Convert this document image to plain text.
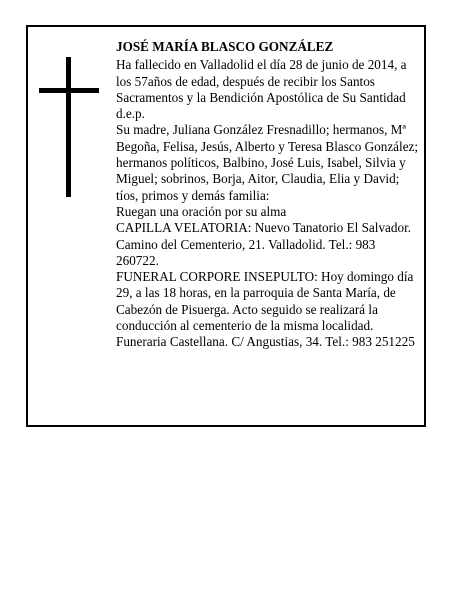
JOSÉ MARÍA BLASCO GONZÁLEZ

Ha fallecido en Valladolid el día 28 de junio de 2014, a los 57años de edad, después de recibir los Santos Sacramentos y la Bendición Apostólica de Su Santidad

d.e.p.

Su madre, Juliana González Fresnadillo; hermanos, Mª Begoña, Felisa, Jesús, Alberto y Teresa Blasco González; hermanos políticos, Balbino, José Luis, Isabel, Silvia y Miguel; sobrinos, Borja, Aitor, Claudia, Elia y David; tíos, primos y demás familia:

Ruegan una oración por su alma

CAPILLA VELATORIA: Nuevo Tanatorio El Salvador. Camino del Cementerio, 21. Valladolid. Tel.: 983 260722.

FUNERAL CORPORE INSEPULTO: Hoy domingo día 29, a las 18 horas, en la parroquia de Santa María, de Cabezón de Pisuerga. Acto seguido se realizará la conducción al cementerio de la misma localidad.

Funeraria Castellana. C/ Angustias, 34. Tel.: 983 251225
